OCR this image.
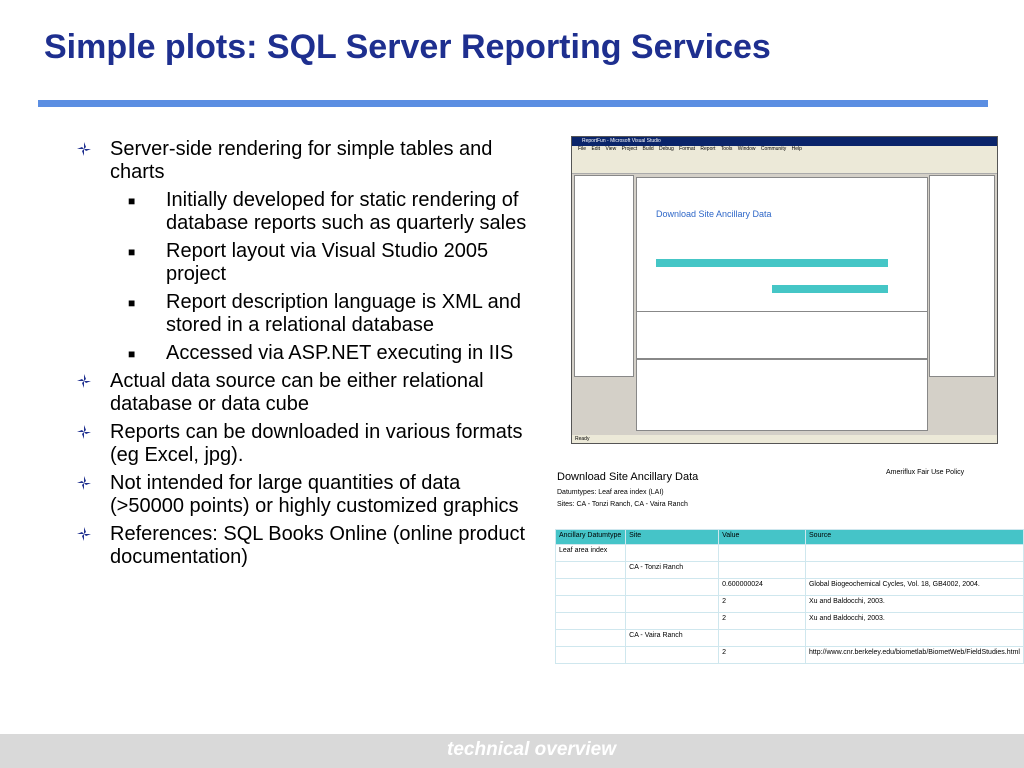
Simple plots: SQL Server Reporting Services
Server-side rendering for simple tables and charts
■ Initially developed for static rendering of database reports such as quarterly sales
■ Report layout via Visual Studio 2005 project
■ Report description language is XML and stored in a relational database
■ Accessed via ASP.NET executing in IIS
Actual data source can be either relational database or data cube
Reports can be downloaded in various formats (eg Excel, jpg).
Not intended for large quantities of data (>50000 points) or highly customized graphics
References: SQL Books Online (online product documentation)
ReportFun - Microsoft Visual Studio
File Edit View Project Build Debug Format Report Tools Window Community Help
Download Site Ancillary Data
Ready
Download Site Ancillary Data	Ameriflux Fair Use Policy
Datumtypes: Leaf area index (LAI)
Sites: CA - Tonzi Ranch, CA - Vaira Ranch
Ancillary Datumtype	Site	Value	Source
Leaf area index			
	CA - Tonzi Ranch		
		0.600000024	Global Biogeochemical Cycles, Vol. 18, GB4002, 2004.
		2	Xu and Baldocchi, 2003.
		2	Xu and Baldocchi, 2003.
	CA - Vaira Ranch		
		2	http://www.cnr.berkeley.edu/biometlab/BiometWeb/FieldStudies.html
technical overview
